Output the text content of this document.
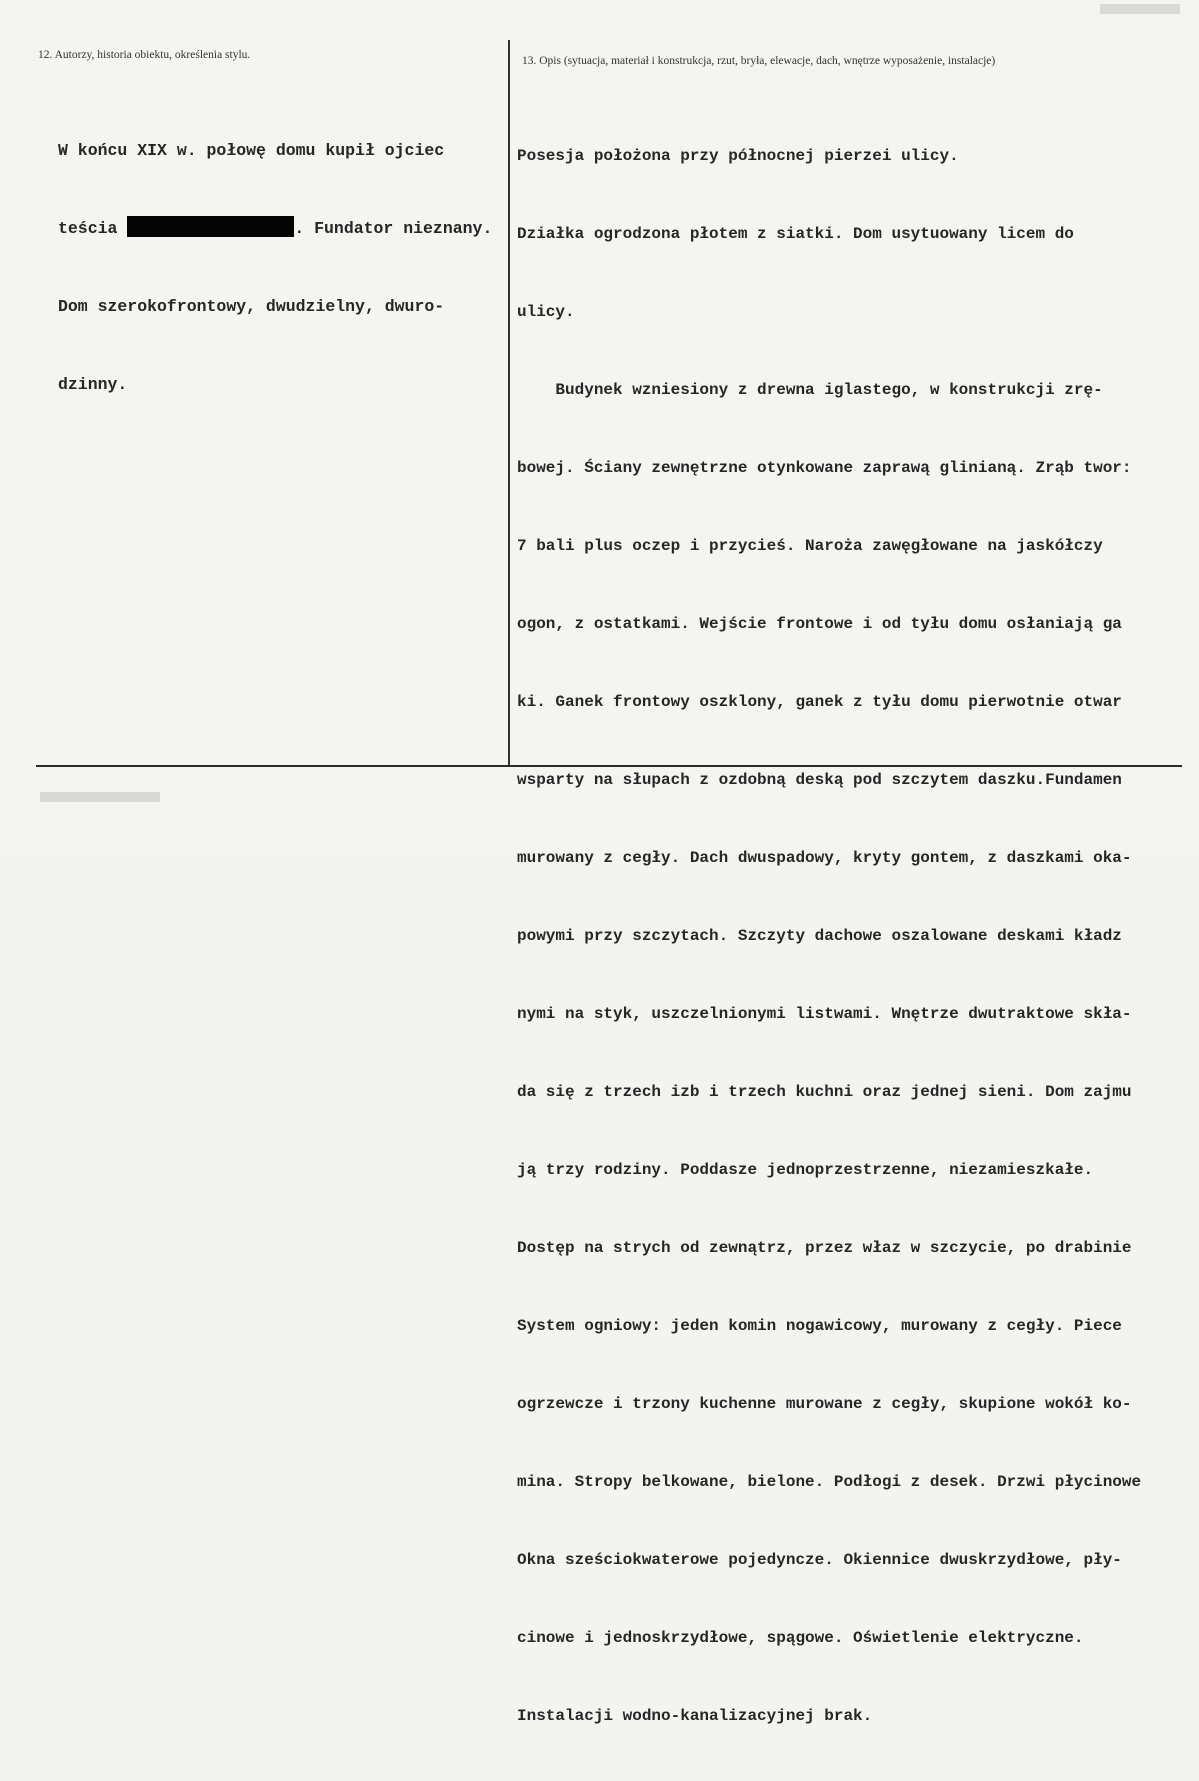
12. Autorzy, historia obiektu, określenia stylu.	13. Opis (sytuacja, materiał i konstrukcja, rzut, bryła, elewacje, dach, wnętrze wyposażenie, instalacje)

W końcu XIX w. połowę domu kupił ojciec

teścia	. Fundator nieznany.

Dom szerokofrontowy, dwudzielny, dwuro-

dzinny.

Posesja położona przy północnej pierzei ulicy.

Działka ogrodzona płotem z siatki. Dom usytuowany licem do

ulicy.

Budynek wzniesiony z drewna iglastego, w konstrukcji zrę-

bowej. Ściany zewnętrzne otynkowane zaprawą glinianą. Zrąb twor:

7 bali plus oczep i przycieś. Naroża zawęgłowane na jaskółczy

ogon, z ostatkami. Wejście frontowe i od tyłu domu osłaniają ga

ki. Ganek frontowy oszklony, ganek z tyłu domu pierwotnie otwar

wsparty na słupach z ozdobną deską pod szczytem daszku.Fundamen

murowany z cegły. Dach dwuspadowy, kryty gontem, z daszkami oka-

powymi przy szczytach. Szczyty dachowe oszalowane deskami kładz

nymi na styk, uszczelnionymi listwami. Wnętrze dwutraktowe skła-

da się z trzech izb i trzech kuchni oraz jednej sieni. Dom zajmu

ją trzy rodziny. Poddasze jednoprzestrzenne, niezamieszkałe.

Dostęp na strych od zewnątrz, przez właz w szczycie, po drabinie

System ogniowy: jeden komin nogawicowy, murowany z cegły. Piece

ogrzewcze i trzony kuchenne murowane z cegły, skupione wokół ko-

mina. Stropy belkowane, bielone. Podłogi z desek. Drzwi płycinowe

Okna sześciokwaterowe pojedyncze. Okiennice dwuskrzydłowe, pły-

cinowe i jednoskrzydłowe, spągowe. Oświetlenie elektryczne.

Instalacji wodno-kanalizacyjnej brak.
